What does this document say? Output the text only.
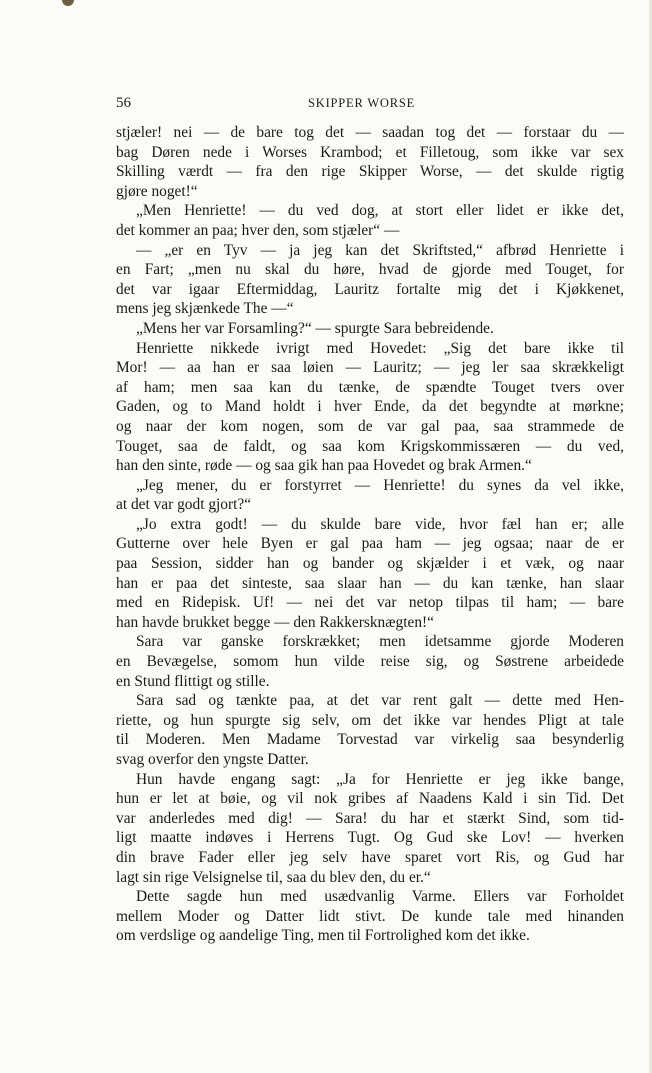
56	SKIPPER WORSE
stjæler! nei — de bare tog det — saadan tog det — forstaar du —
bag Døren nede i Worses Krambod; et Filletoug, som ikke var sex
Skilling værdt — fra den rige Skipper Worse, — det skulde rigtig
gjøre noget!“
„Men Henriette! — du ved dog, at stort eller lidet er ikke det,
det kommer an paa; hver den, som stjæler“ —
— „er en Tyv — ja jeg kan det Skriftsted,“ afbrød Henriette i
en Fart; „men nu skal du høre, hvad de gjorde med Touget, for
det var igaar Eftermiddag, Lauritz fortalte mig det i Kjøkkenet,
mens jeg skjænkede The —“
„Mens her var Forsamling?“ — spurgte Sara bebreidende.
Henriette nikkede ivrigt med Hovedet: „Sig det bare ikke til
Mor! — aa han er saa løien — Lauritz; — jeg ler saa skrækkeligt
af ham; men saa kan du tænke, de spændte Touget tvers over
Gaden, og to Mand holdt i hver Ende, da det begyndte at mørkne;
og naar der kom nogen, som de var gal paa, saa strammede de
Touget, saa de faldt, og saa kom Krigskommissæren — du ved,
han den sinte, røde — og saa gik han paa Hovedet og brak Armen.“
„Jeg mener, du er forstyrret — Henriette! du synes da vel ikke,
at det var godt gjort?“
„Jo extra godt! — du skulde bare vide, hvor fæl han er; alle
Gutterne over hele Byen er gal paa ham — jeg ogsaa; naar de er
paa Session, sidder han og bander og skjælder i et væk, og naar
han er paa det sinteste, saa slaar han — du kan tænke, han slaar
med en Ridepisk. Uf! — nei det var netop tilpas til ham; — bare
han havde brukket begge — den Rakkersknægten!“
Sara var ganske forskrækket; men idetsamme gjorde Moderen
en Bevægelse, somom hun vilde reise sig, og Søstrene arbeidede
en Stund flittigt og stille.
Sara sad og tænkte paa, at det var rent galt — dette med Hen-
riette, og hun spurgte sig selv, om det ikke var hendes Pligt at tale
til Moderen. Men Madame Torvestad var virkelig saa besynderlig
svag overfor den yngste Datter.
Hun havde engang sagt: „Ja for Henriette er jeg ikke bange,
hun er let at bøie, og vil nok gribes af Naadens Kald i sin Tid. Det
var anderledes med dig! — Sara! du har et stærkt Sind, som tid-
ligt maatte indøves i Herrens Tugt. Og Gud ske Lov! — hverken
din brave Fader eller jeg selv have sparet vort Ris, og Gud har
lagt sin rige Velsignelse til, saa du blev den, du er.“
Dette sagde hun med usædvanlig Varme. Ellers var Forholdet
mellem Moder og Datter lidt stivt. De kunde tale med hinanden
om verdslige og aandelige Ting, men til Fortrolighed kom det ikke.
